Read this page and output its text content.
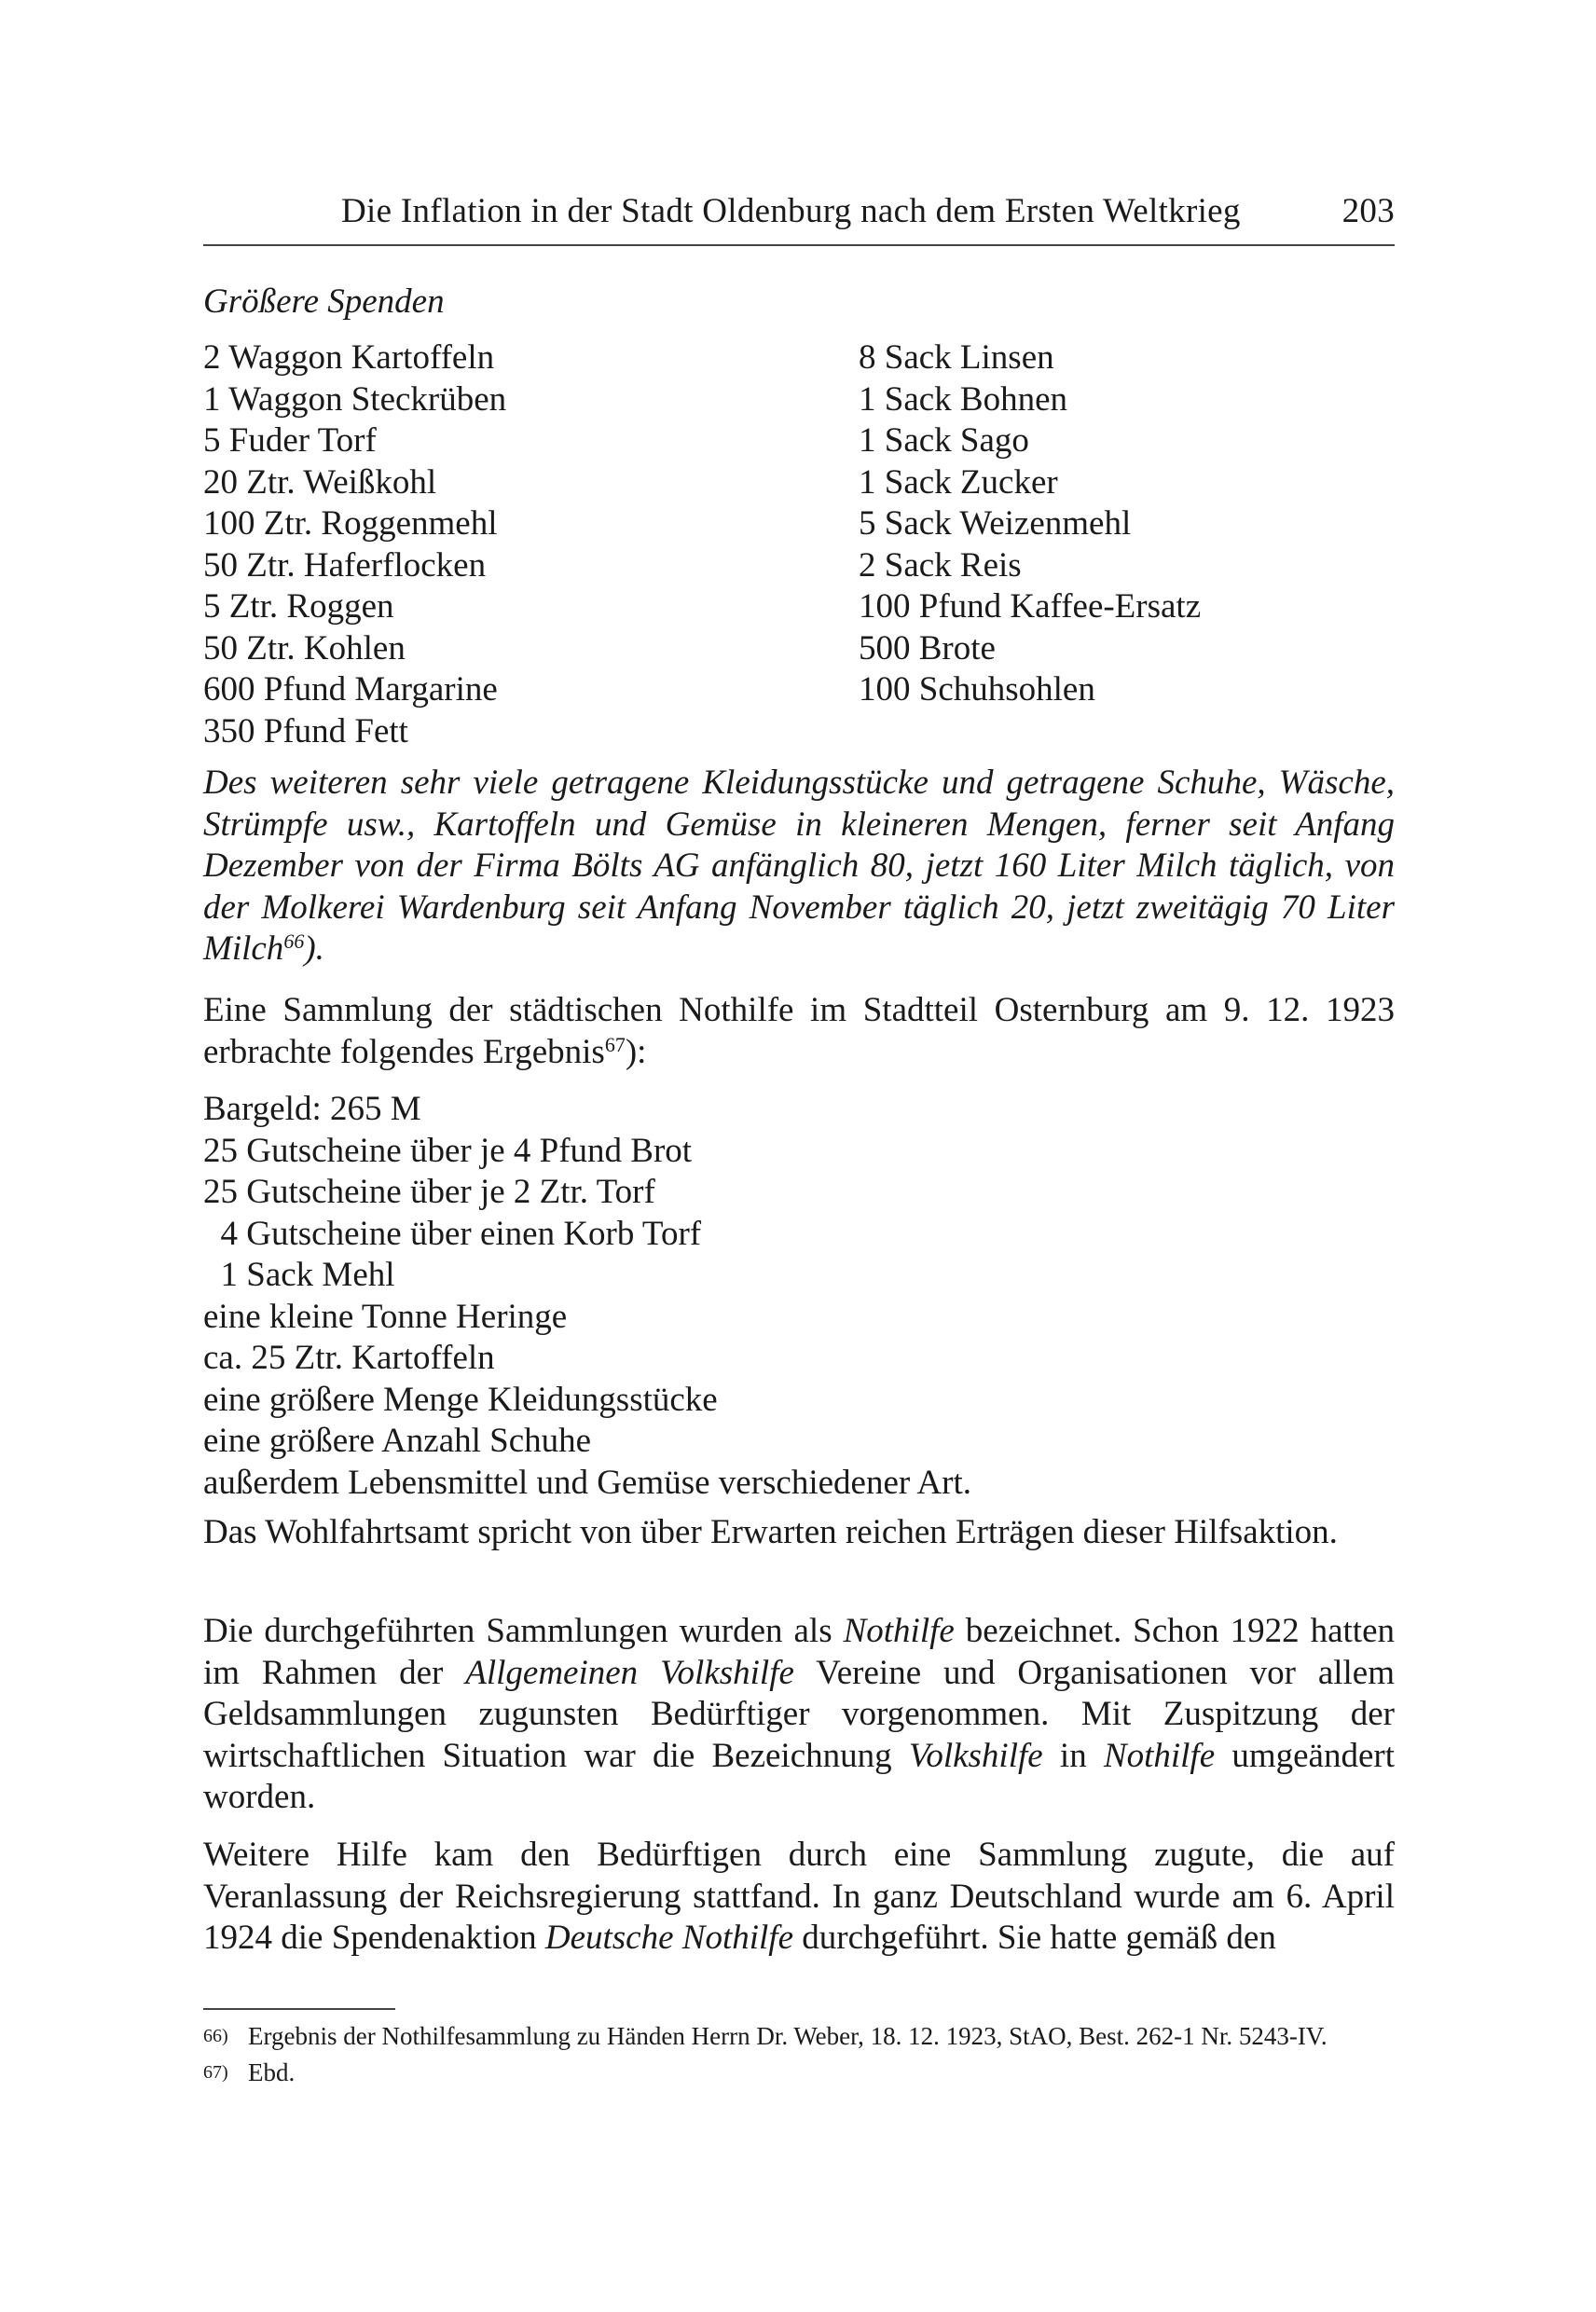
Die Inflation in der Stadt Oldenburg nach dem Ersten Weltkrieg	203
Größere Spenden
2 Waggon Kartoffeln
1 Waggon Steckrüben
5 Fuder Torf
20 Ztr. Weißkohl
100 Ztr. Roggenmehl
50 Ztr. Haferflocken
5 Ztr. Roggen
50 Ztr. Kohlen
600 Pfund Margarine
350 Pfund Fett
8 Sack Linsen
1 Sack Bohnen
1 Sack Sago
1 Sack Zucker
5 Sack Weizenmehl
2 Sack Reis
100 Pfund Kaffee-Ersatz
500 Brote
100 Schuhsohlen

Des weiteren sehr viele getragene Kleidungsstücke und getragene Schuhe, Wäsche, Strümpfe usw., Kartoffeln und Gemüse in kleineren Mengen, ferner seit Anfang Dezember von der Firma Bölts AG anfänglich 80, jetzt 160 Liter Milch täglich, von der Molkerei Wardenburg seit Anfang November täglich 20, jetzt zweitägig 70 Liter Milch$^{66}$).

Eine Sammlung der städtischen Nothilfe im Stadtteil Osternburg am 9. 12. 1923 erbrachte folgendes Ergebnis$^{67}$):

Bargeld: 265 M
25 Gutscheine über je 4 Pfund Brot
25 Gutscheine über je 2 Ztr. Torf
4 Gutscheine über einen Korb Torf
1 Sack Mehl
eine kleine Tonne Heringe
ca. 25 Ztr. Kartoffeln
eine größere Menge Kleidungsstücke
eine größere Anzahl Schuhe
außerdem Lebensmittel und Gemüse verschiedener Art.

Das Wohlfahrtsamt spricht von über Erwarten reichen Erträgen dieser Hilfsaktion.

Die durchgeführten Sammlungen wurden als Nothilfe bezeichnet. Schon 1922 hatten im Rahmen der Allgemeinen Volkshilfe Vereine und Organisationen vor allem Geldsammlungen zugunsten Bedürftiger vorgenommen. Mit Zuspitzung der wirtschaftlichen Situation war die Bezeichnung Volkshilfe in Nothilfe umgeändert worden.

Weitere Hilfe kam den Bedürftigen durch eine Sammlung zugute, die auf Veranlassung der Reichsregierung stattfand. In ganz Deutschland wurde am 6. April 1924 die Spendenaktion Deutsche Nothilfe durchgeführt. Sie hatte gemäß den

66) Ergebnis der Nothilfesammlung zu Händen Herrn Dr. Weber, 18. 12. 1923, StAO, Best. 262-1 Nr. 5243-IV.
67) Ebd.
